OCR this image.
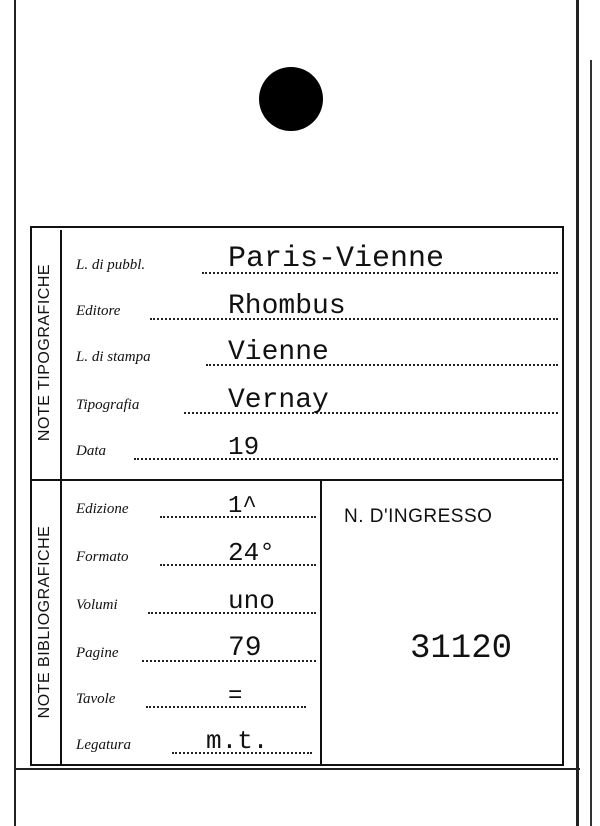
NOTE TIPOGRAFICHE
NOTE BIBLIOGRAFICHE
L. di pubbl.	Paris-Vienne
Editore	Rhombus
L. di stampa	Vienne
Tipografia	Vernay
Data	19
Edizione	1^
Formato	24°
Volumi	uno
Pagine	79
Tavole	=
Legatura	m.t.
N. D'INGRESSO
31120
